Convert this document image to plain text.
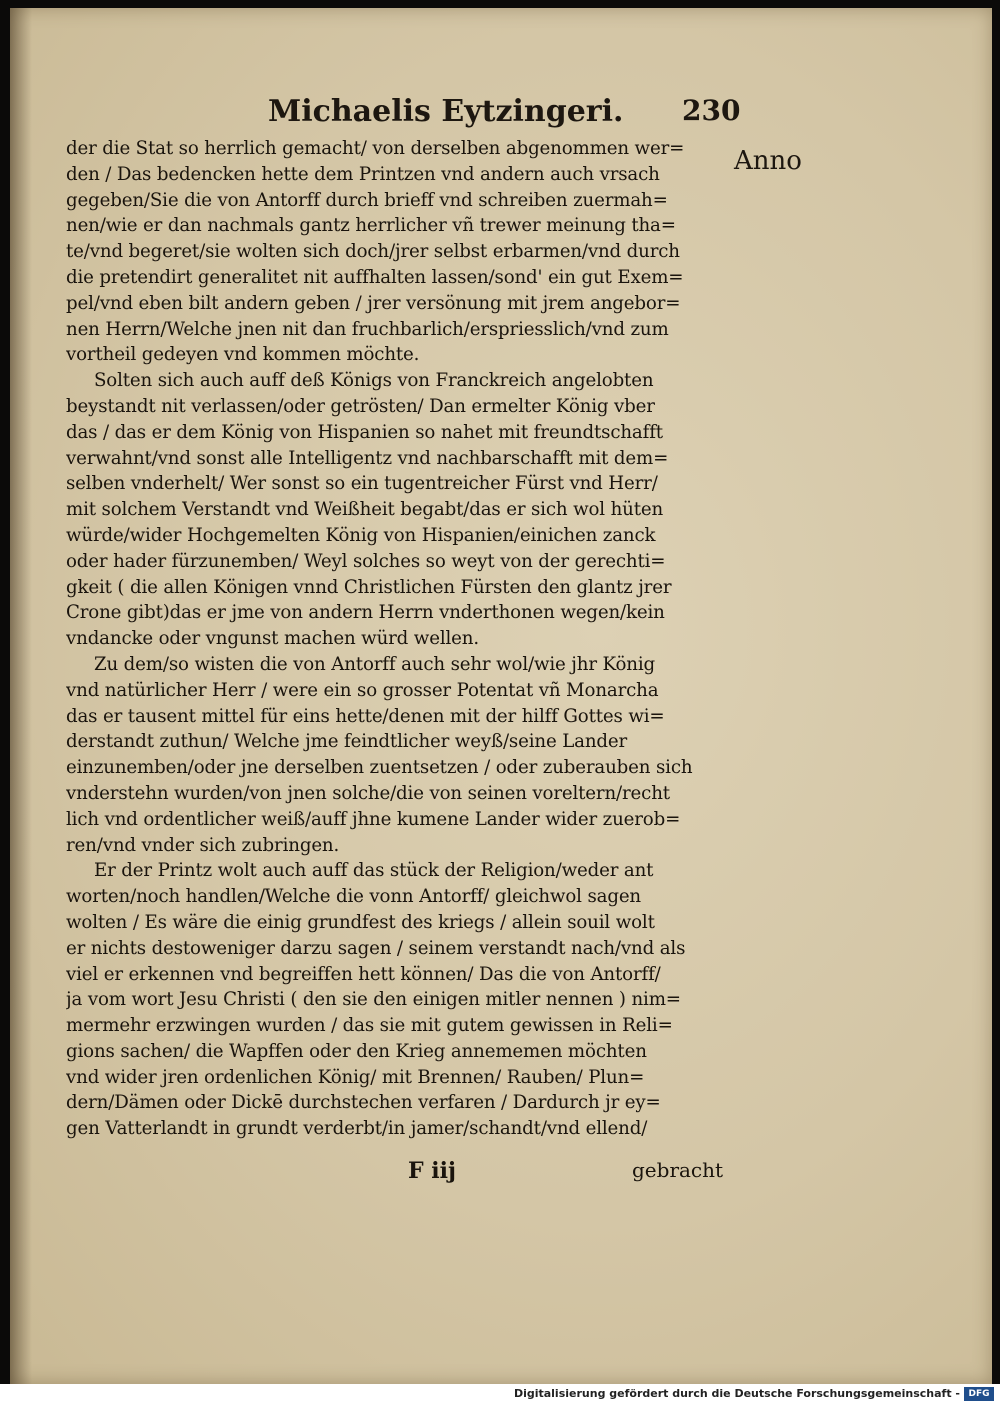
Michaelis Eytzingeri. 230
Anno
der die Stat so herrlich gemacht/ von derselben abgenommen wer=
den / Das bedencken hette dem Printzen vnd andern auch vrsach
gegeben/Sie die von Antorff durch brieff vnd schreiben zuermah=
nen/wie er dan nachmals gantz herrlicher vñ trewer meinung tha=
te/vnd begeret/sie wolten sich doch/jrer selbst erbarmen/vnd durch
die pretendirt generalitet nit auffhalten lassen/sond' ein gut Exem=
pel/vnd eben bilt andern geben / jrer versönung mit jrem angebor=
nen Herrn/Welche jnen nit dan fruchbarlich/erspriesslich/vnd zum
vortheil gedeyen vnd kommen möchte.
Solten sich auch auff deß Königs von Franckreich angelobten
beystandt nit verlassen/oder getrösten/ Dan ermelter König vber
das / das er dem König von Hispanien so nahet mit freundtschafft
verwahnt/vnd sonst alle Intelligentz vnd nachbarschafft mit dem=
selben vnderhelt/ Wer sonst so ein tugentreicher Fürst vnd Herr/
mit solchem Verstandt vnd Weißheit begabt/das er sich wol hüten
würde/wider Hochgemelten König von Hispanien/einichen zanck
oder hader fürzunemben/ Weyl solches so weyt von der gerechti=
gkeit ( die allen Königen vnnd Christlichen Fürsten den glantz jrer
Crone gibt)das er jme von andern Herrn vnderthonen wegen/kein
vndancke oder vngunst machen würd wellen.
Zu dem/so wisten die von Antorff auch sehr wol/wie jhr König
vnd natürlicher Herr / were ein so grosser Potentat vñ Monarcha
das er tausent mittel für eins hette/denen mit der hilff Gottes wi=
derstandt zuthun/ Welche jme feindtlicher weyß/seine Lander
einzunemben/oder jne derselben zuentsetzen / oder zuberauben sich
vnderstehn wurden/von jnen solche/die von seinen voreltern/recht
lich vnd ordentlicher weiß/auff jhne kumene Lander wider zuerob=
ren/vnd vnder sich zubringen.
Er der Printz wolt auch auff das stück der Religion/weder ant
worten/noch handlen/Welche die vonn Antorff/ gleichwol sagen
wolten / Es wäre die einig grundfest des kriegs / allein souil wolt
er nichts destoweniger darzu sagen / seinem verstandt nach/vnd als
viel er erkennen vnd begreiffen hett können/ Das die von Antorff/
ja vom wort Jesu Christi ( den sie den einigen mitler nennen ) nim=
mermehr erzwingen wurden / das sie mit gutem gewissen in Reli=
gions sachen/ die Wapffen oder den Krieg annememen möchten
vnd wider jren ordenlichen König/ mit Brennen/ Rauben/ Plun=
dern/Dämen oder Dickē durchstechen verfaren / Dardurch jr ey=
gen Vatterlandt in grundt verderbt/in jamer/schandt/vnd ellend/
F iij	gebracht
Digitalisierung gefördert durch die Deutsche Forschungsgemeinschaft - DFG
